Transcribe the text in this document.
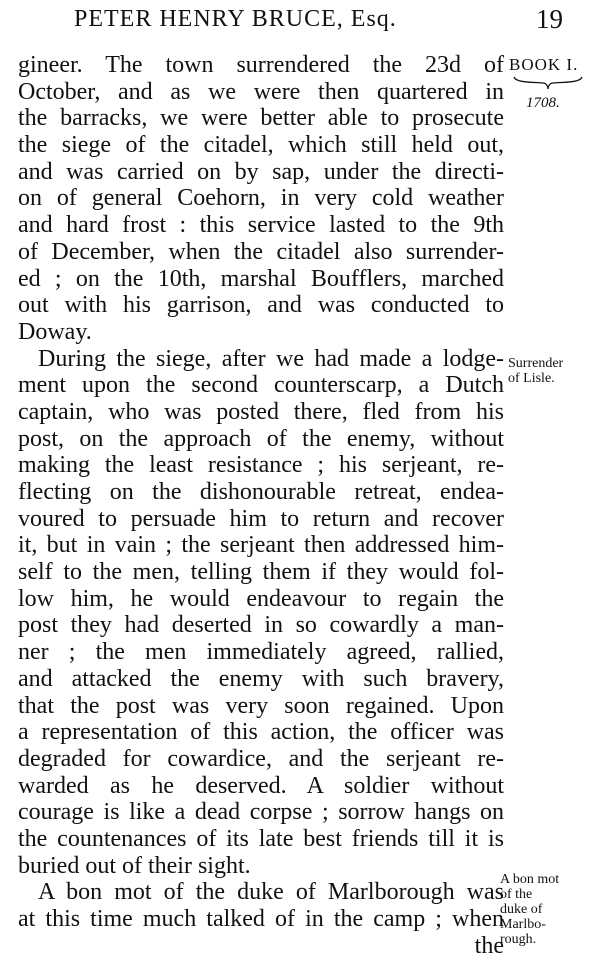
PETER HENRY BRUCE, Esq.	19
BOOK I.
1708.
Surrender
of Lisle.
A bon mot
of the
duke of
Marlbo-
rough.
gineer. The town surrendered the 23d of
October, and as we were then quartered in
the barracks, we were better able to prosecute
the siege of the citadel, which still held out,
and was carried on by sap, under the directi-
on of general Coehorn, in very cold weather
and hard frost : this service lasted to the 9th
of December, when the citadel also surrender-
ed ; on the 10th, marshal Boufflers, marched
out with his garrison, and was conducted to
Doway.
During the siege, after we had made a lodge-
ment upon the second counterscarp, a Dutch
captain, who was posted there, fled from his
post, on the approach of the enemy, without
making the least resistance ; his serjeant, re-
flecting on the dishonourable retreat, endea-
voured to persuade him to return and recover
it, but in vain ; the serjeant then addressed him-
self to the men, telling them if they would fol-
low him, he would endeavour to regain the
post they had deserted in so cowardly a man-
ner ; the men immediately agreed, rallied,
and attacked the enemy with such bravery,
that the post was very soon regained. Upon
a representation of this action, the officer was
degraded for cowardice, and the serjeant re-
warded as he deserved. A soldier without
courage is like a dead corpse ; sorrow hangs on
the countenances of its late best friends till it is
buried out of their sight.
A bon mot of the duke of Marlborough was
at this time much talked of in the camp ; when
the
